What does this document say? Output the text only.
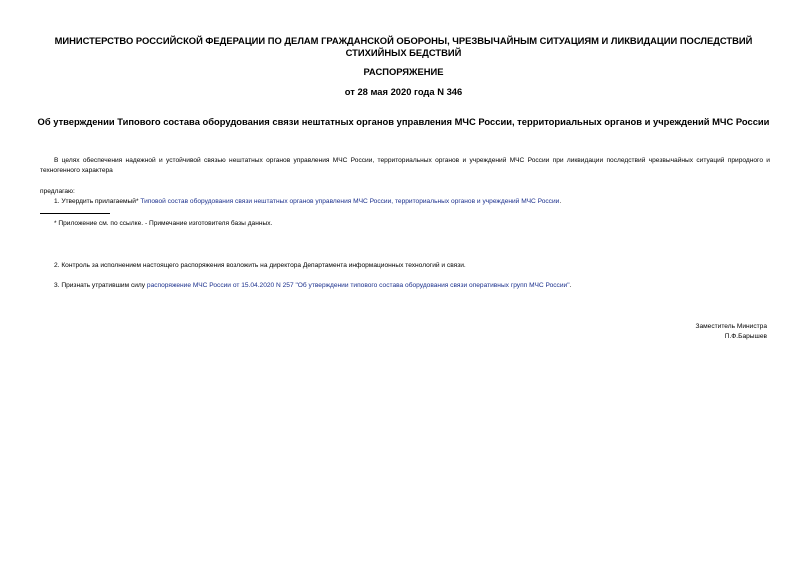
МИНИСТЕРСТВО РОССИЙСКОЙ ФЕДЕРАЦИИ ПО ДЕЛАМ ГРАЖДАНСКОЙ ОБОРОНЫ, ЧРЕЗВЫЧАЙНЫМ СИТУАЦИЯМ И ЛИКВИДАЦИИ ПОСЛЕДСТВИЙ СТИХИЙНЫХ БЕДСТВИЙ
РАСПОРЯЖЕНИЕ
от 28 мая 2020 года N 346
Об утверждении Типового состава оборудования связи нештатных органов управления МЧС России, территориальных органов и учреждений МЧС России
В целях обеспечения надежной и устойчивой связью нештатных органов управления МЧС России, территориальных органов и учреждений МЧС России при ликвидации последствий чрезвычайных ситуаций природного и техногенного характера
предлагаю:
1. Утвердить прилагаемый* Типовой состав оборудования связи нештатных органов управления МЧС России, территориальных органов и учреждений МЧС России.
* Приложение см. по ссылке. - Примечание изготовителя базы данных.
2. Контроль за исполнением настоящего распоряжения возложить на директора Департамента информационных технологий и связи.
3. Признать утратившим силу распоряжение МЧС России от 15.04.2020 N 257 "Об утверждении типового состава оборудования связи оперативных групп МЧС России".
Заместитель Министра
П.Ф.Барышев
